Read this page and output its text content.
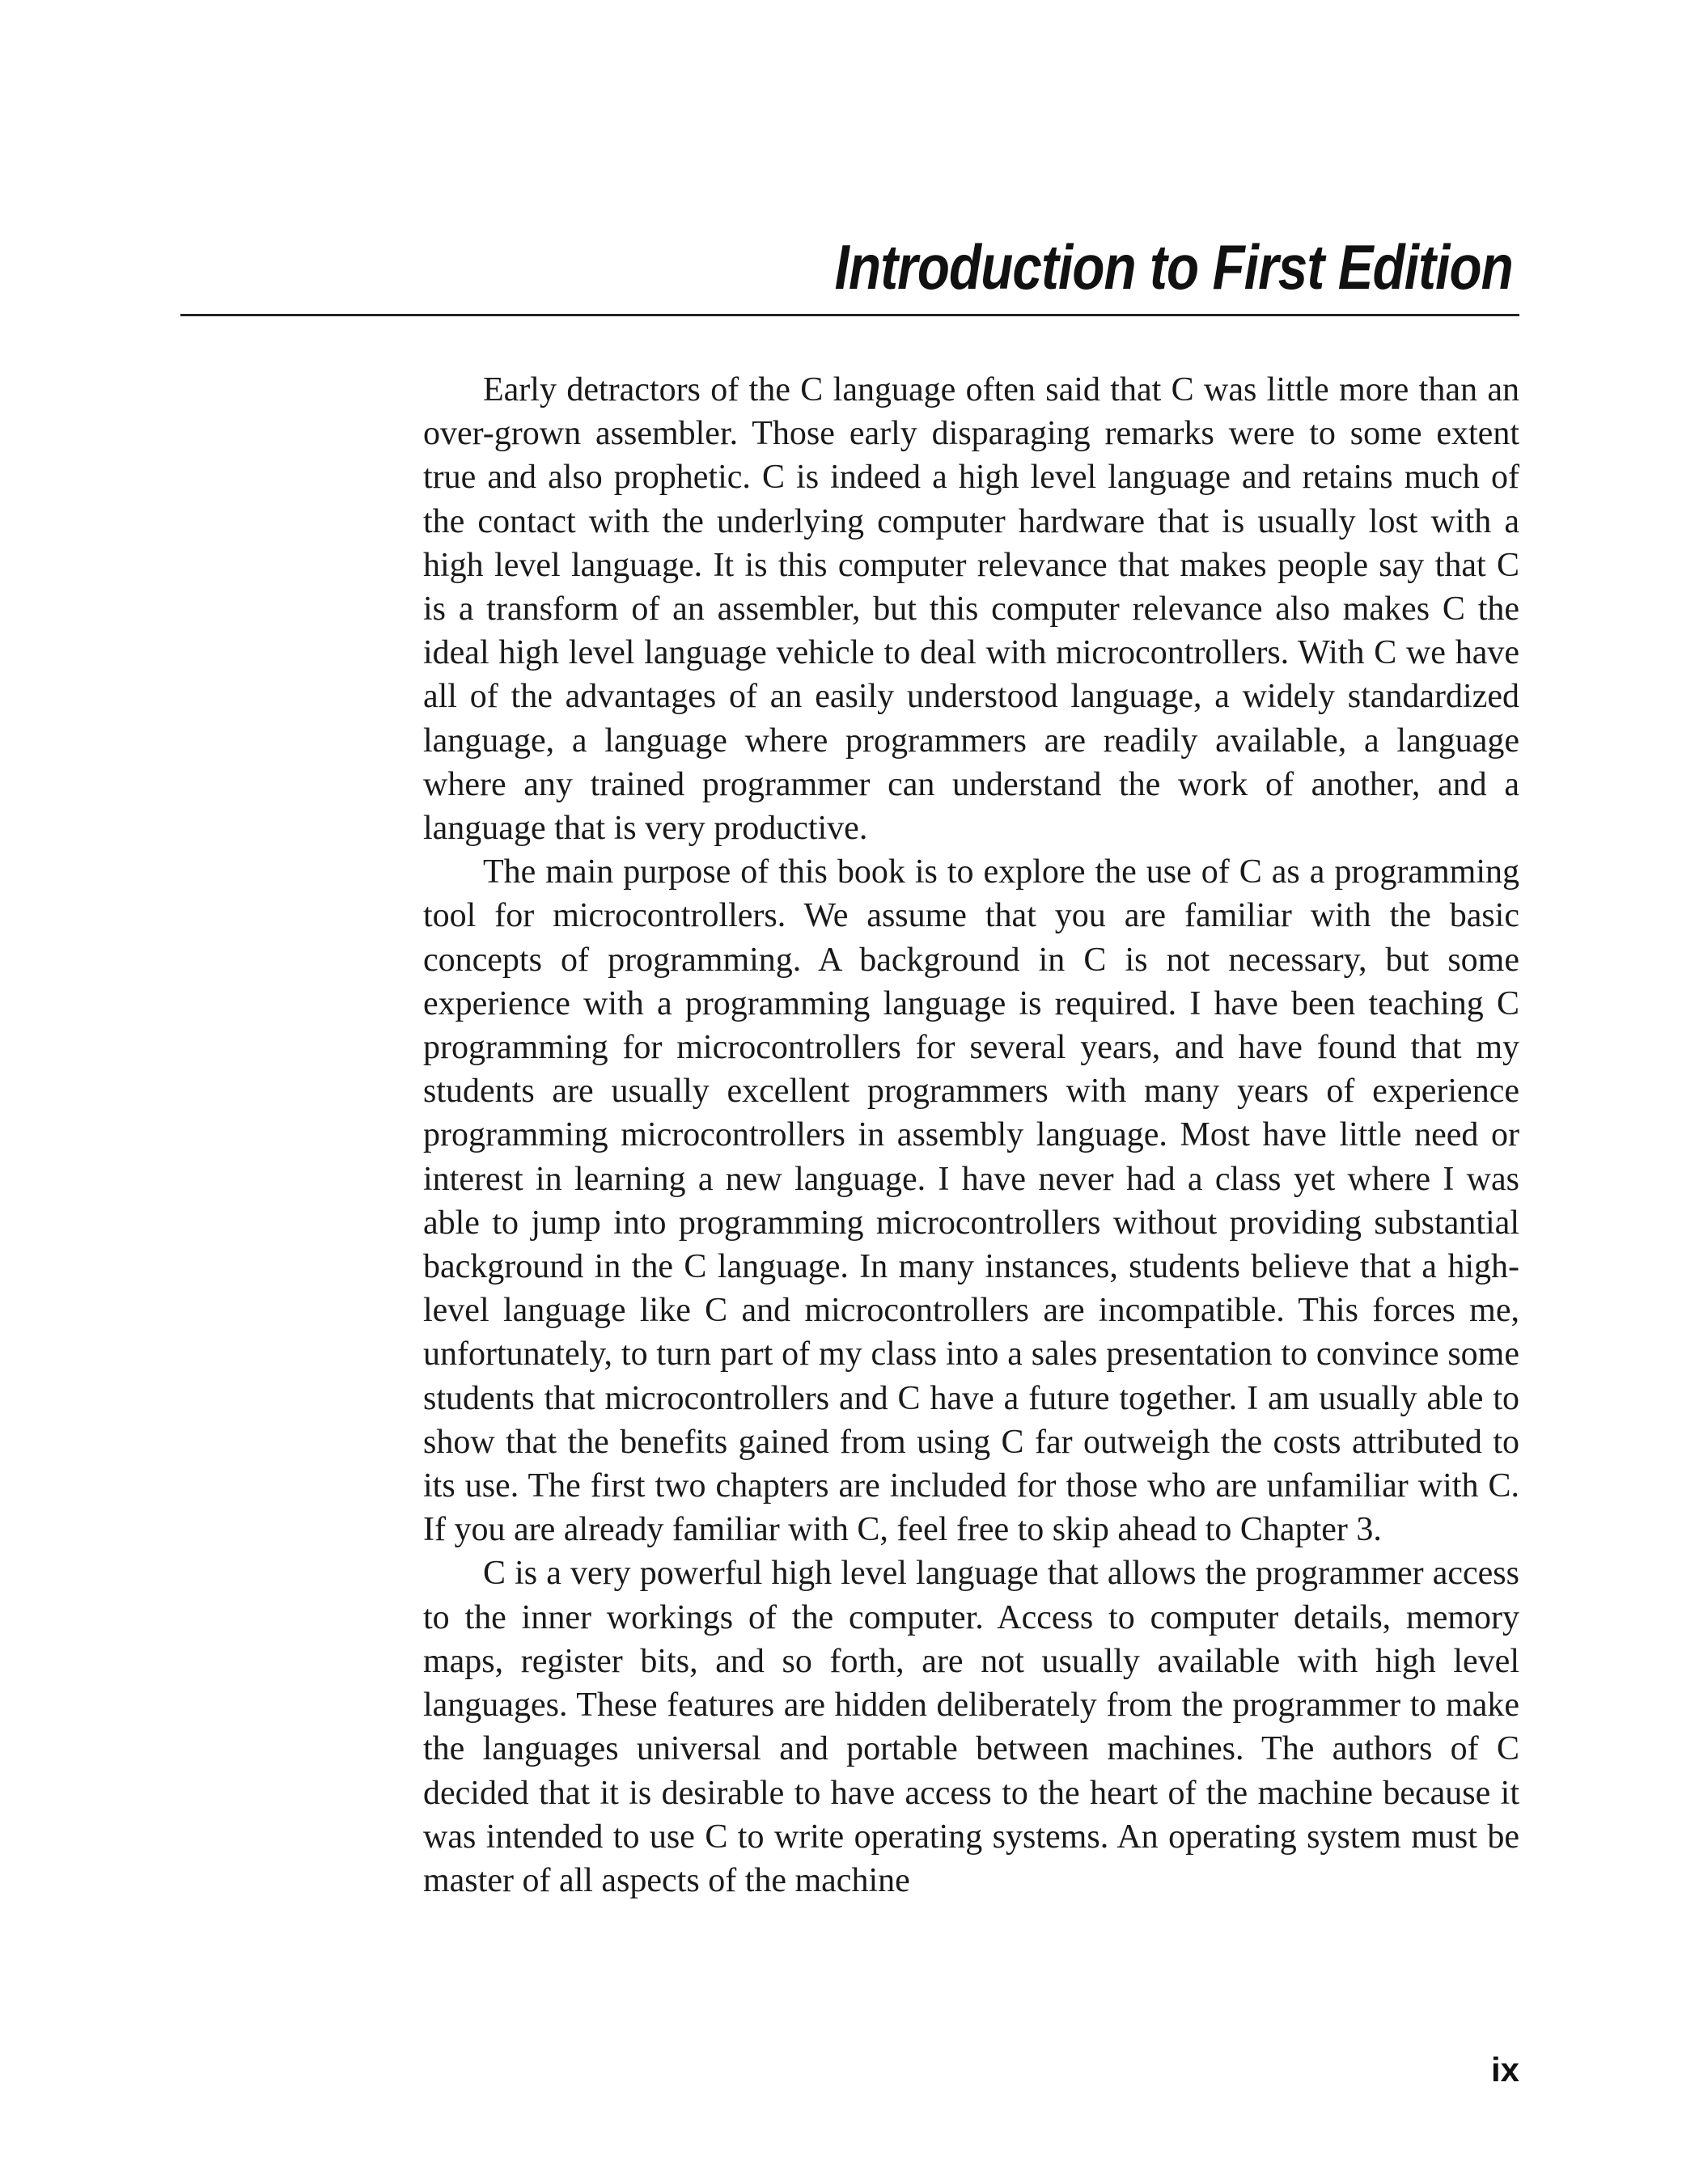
Introduction to First Edition

Early detractors of the C language often said that C was little more than an over-grown assembler. Those early disparaging remarks were to some extent true and also prophetic. C is indeed a high level language and retains much of the contact with the underlying computer hardware that is usually lost with a high level language. It is this computer relevance that makes people say that C is a transform of an assembler, but this computer relevance also makes C the ideal high level language vehicle to deal with microcontrollers. With C we have all of the advantages of an easily understood language, a widely standardized language, a language where programmers are readily available, a language where any trained programmer can understand the work of another, and a language that is very productive.

The main purpose of this book is to explore the use of C as a programming tool for microcontrollers. We assume that you are familiar with the basic concepts of programming. A background in C is not necessary, but some experience with a programming language is required. I have been teaching C programming for microcontrollers for several years, and have found that my students are usually excellent programmers with many years of experience programming microcontrollers in assembly language. Most have little need or interest in learning a new language. I have never had a class yet where I was able to jump into programming microcontrollers without providing substantial background in the C language. In many instances, students believe that a high-level language like C and microcontrollers are incompatible. This forces me, unfortunately, to turn part of my class into a sales presentation to convince some students that microcontrollers and C have a future together. I am usually able to show that the benefits gained from using C far outweigh the costs attributed to its use. The first two chapters are included for those who are unfamiliar with C. If you are already familiar with C, feel free to skip ahead to Chapter 3.

C is a very powerful high level language that allows the programmer access to the inner workings of the computer. Access to computer details, memory maps, register bits, and so forth, are not usually available with high level languages. These features are hidden deliberately from the programmer to make the languages universal and portable between machines. The authors of C decided that it is desirable to have access to the heart of the machine because it was intended to use C to write operating systems. An operating system must be master of all aspects of the machine

ix
